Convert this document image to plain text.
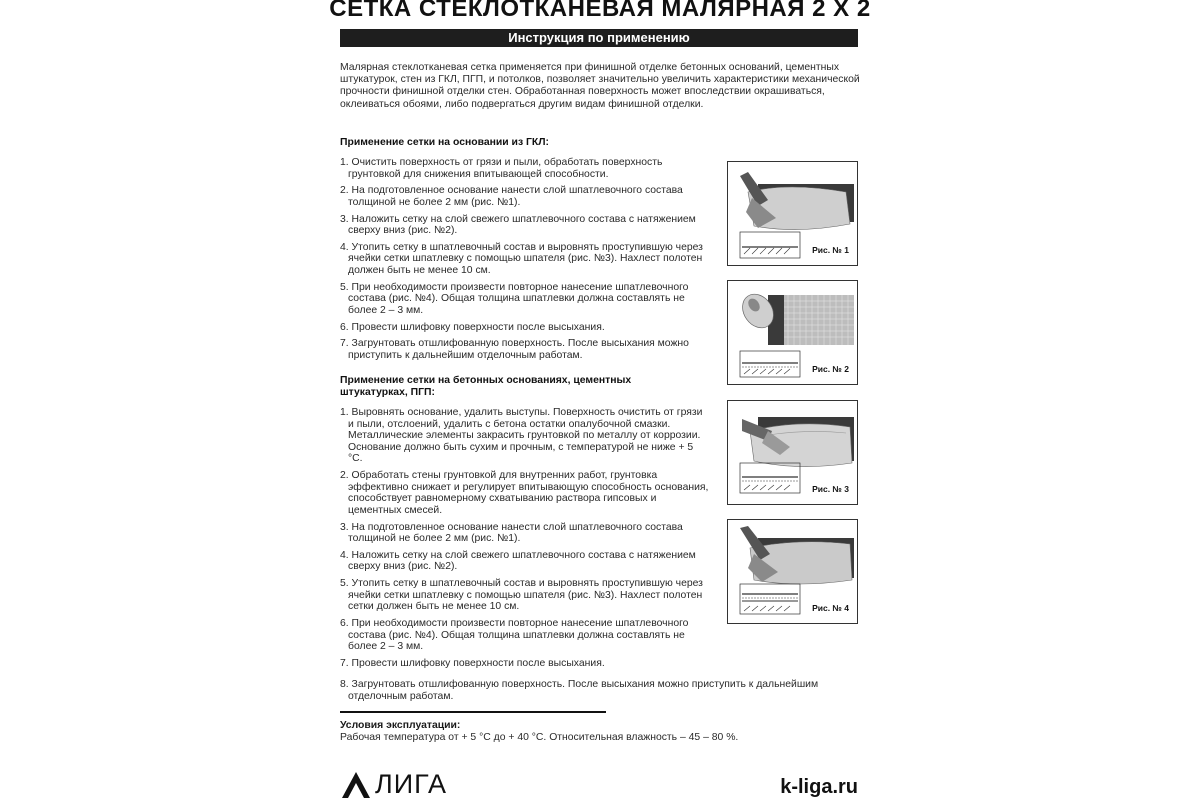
СЕТКА СТЕКЛОТКАНЕВАЯ МАЛЯРНАЯ 2 Х 2
Инструкция по применению
Малярная стеклотканевая сетка применяется при финишной отделке бетонных оснований, цементных штукатурок, стен из ГКЛ, ПГП, и потолков, позволяет значительно увеличить характеристики механической прочности финишной отделки стен. Обработанная поверхность может впоследствии окрашиваться, оклеиваться обоями, либо подвергаться другим видам финишной отделки.
Применение сетки на основании из ГКЛ:
1. Очистить поверхность от грязи и пыли, обработать поверхность грунтовкой для снижения впитывающей способности.
2. На подготовленное основание нанести слой шпатлевочного состава толщиной не более 2 мм (рис. №1).
3. Наложить сетку на слой свежего шпатлевочного состава с натяжением сверху вниз (рис. №2).
4. Утопить сетку в шпатлевочный состав и выровнять проступившую через ячейки сетки шпатлевку с помощью шпателя (рис. №3). Нахлест полотен должен быть не менее 10 см.
5. При необходимости произвести повторное нанесение шпатлевочного состава (рис. №4). Общая толщина шпатлевки должна составлять не более 2 – 3 мм.
6. Провести шлифовку поверхности после высыхания.
7. Загрунтовать отшлифованную поверхность. После высыхания можно приступить к дальнейшим отделочным работам.
Применение сетки на бетонных основаниях, цементных штукатурках, ПГП:
1. Выровнять основание, удалить выступы. Поверхность очистить от грязи и пыли, отслоений, удалить с бетона остатки опалубочной смазки. Металлические элементы закрасить грунтовкой по металлу от коррозии. Основание должно быть сухим и прочным, с температурой не ниже + 5 °С.
2. Обработать стены грунтовкой для внутренних работ, грунтовка эффективно снижает и регулирует впитывающую способность основания, способствует равномерному схватыванию раствора гипсовых и цементных смесей.
3. На подготовленное основание нанести слой шпатлевочного состава толщиной не более 2 мм (рис. №1).
4. Наложить сетку на слой свежего шпатлевочного состава с натяжением сверху вниз (рис. №2).
5. Утопить сетку в шпатлевочный состав и выровнять проступившую через ячейки сетки шпатлевку с помощью шпателя (рис. №3). Нахлест полотен сетки должен быть не менее 10 см.
6. При необходимости произвести повторное нанесение шпатлевочного состава (рис. №4). Общая толщина шпатлевки должна составлять не более 2 – 3 мм.
7. Провести шлифовку поверхности после высыхания.
8. Загрунтовать отшлифованную поверхность. После высыхания можно приступить к дальнейшим отделочным работам.
Рис. № 1
Рис. № 2
Рис. № 3
Рис. № 4
Условия эксплуатации:
Рабочая температура от + 5 °С до + 40 °С. Относительная влажность – 45 – 80 %.
ЛИГА	k-liga.ru
